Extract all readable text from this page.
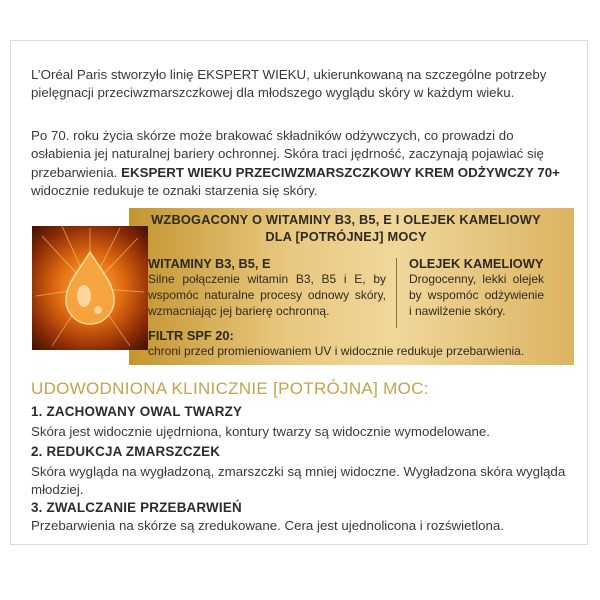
L’Oréal Paris stworzyło linię EKSPERT WIEKU, ukierunkowaną na szczególne potrzeby pielęgnacji przeciwzmarszczkowej dla młodszego wyglądu skóry w każdym wieku.

Po 70. roku życia skórze może brakować składników odżywczych, co prowadzi do osłabienia jej naturalnej bariery ochronnej. Skóra traci jędrność, zaczynają pojawiać się przebarwienia. EKSPERT WIEKU PRZECIWZMARSZCZKOWY KREM ODŻYWCZY 70+ widocznie redukuje te oznaki starzenia się skóry.

WZBOGACONY O WITAMINY B3, B5, E I OLEJEK KAMELIOWY
DLA [POTRÓJNEJ] MOCY
WITAMINY B3, B5, E
Silne połączenie witamin B3, B5 i E, by wspomóc naturalne procesy odnowy skóry, wzmacniając jej barierę ochronną.
OLEJEK KAMELIOWY
Drogocenny, lekki olejek by wspomóc odżywienie i nawilżenie skóry.
FILTR SPF 20:
chroni przed promieniowaniem UV i widocznie redukuje przebarwienia.
UDOWODNIONA KLINICZNIE [POTRÓJNA] MOC:
1. ZACHOWANY OWAL TWARZY
Skóra jest widocznie ujędrniona, kontury twarzy są widocznie wymodelowane.
2. REDUKCJA ZMARSZCZEK
Skóra wygląda na wygładzoną, zmarszczki są mniej widoczne. Wygładzona skóra wygląda młodziej.
3. ZWALCZANIE PRZEBARWIEŃ
Przebarwienia na skórze są zredukowane. Cera jest ujednolicona i rozświetlona.
